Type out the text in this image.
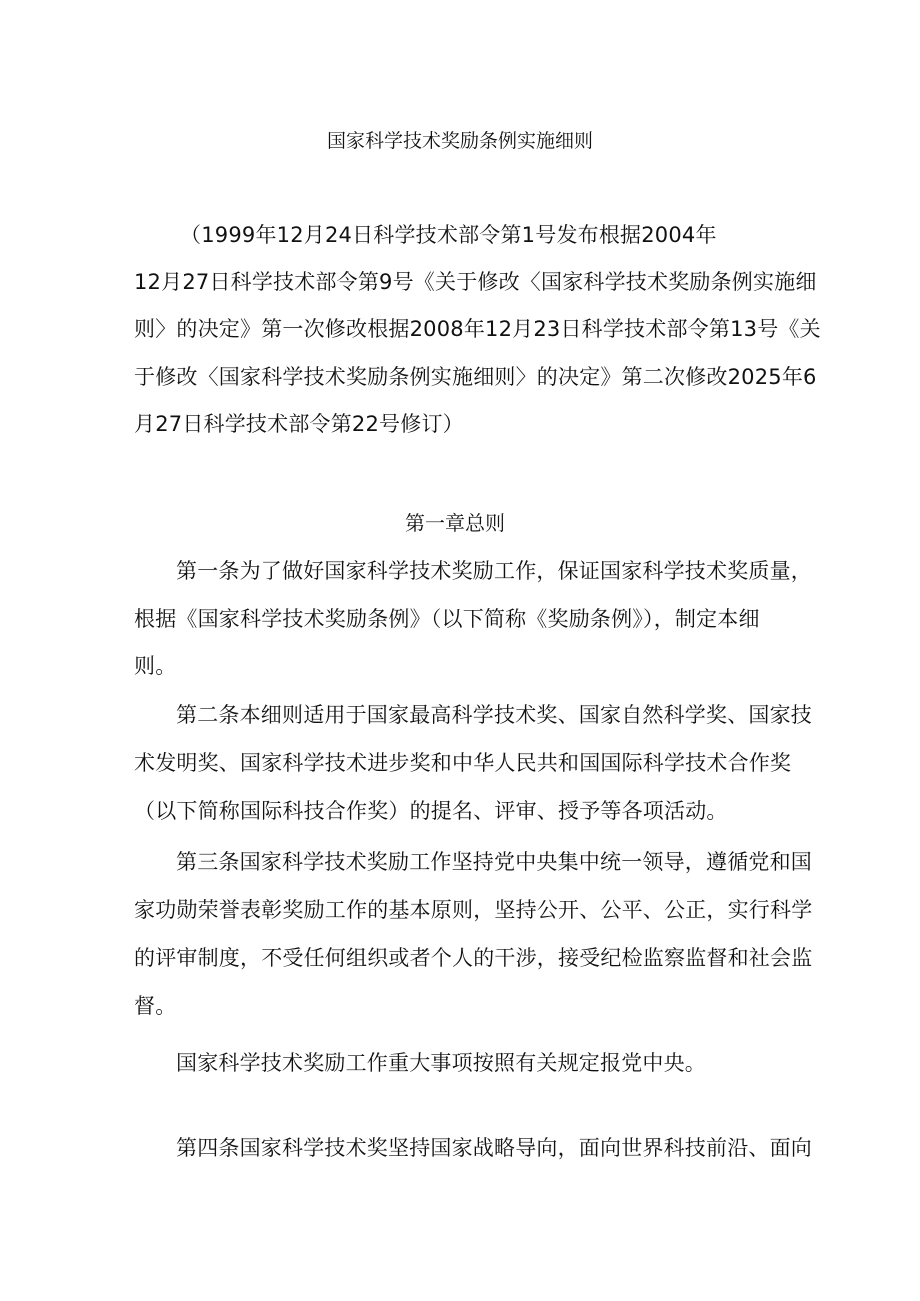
国家科学技术奖励条例实施细则
（1999年12月24日科学技术部令第1号发布根据2004年
12月27日科学技术部令第9号《关于修改〈国家科学技术奖励条例实施细
则〉的决定》第一次修改根据2008年12月23日科学技术部令第13号《关
于修改〈国家科学技术奖励条例实施细则〉的决定》第二次修改2025年6
月27日科学技术部令第22号修订）
第一章总则
第一条为了做好国家科学技术奖励工作，保证国家科学技术奖质量，
根据《国家科学技术奖励条例》（以下简称《奖励条例》），制定本细
则。
第二条本细则适用于国家最高科学技术奖、国家自然科学奖、国家技
术发明奖、国家科学技术进步奖和中华人民共和国国际科学技术合作奖
（以下简称国际科技合作奖）的提名、评审、授予等各项活动。
第三条国家科学技术奖励工作坚持党中央集中统一领导，遵循党和国
家功勋荣誉表彰奖励工作的基本原则，坚持公开、公平、公正，实行科学
的评审制度，不受任何组织或者个人的干涉，接受纪检监察监督和社会监
督。
国家科学技术奖励工作重大事项按照有关规定报党中央。
第四条国家科学技术奖坚持国家战略导向，面向世界科技前沿、面向
